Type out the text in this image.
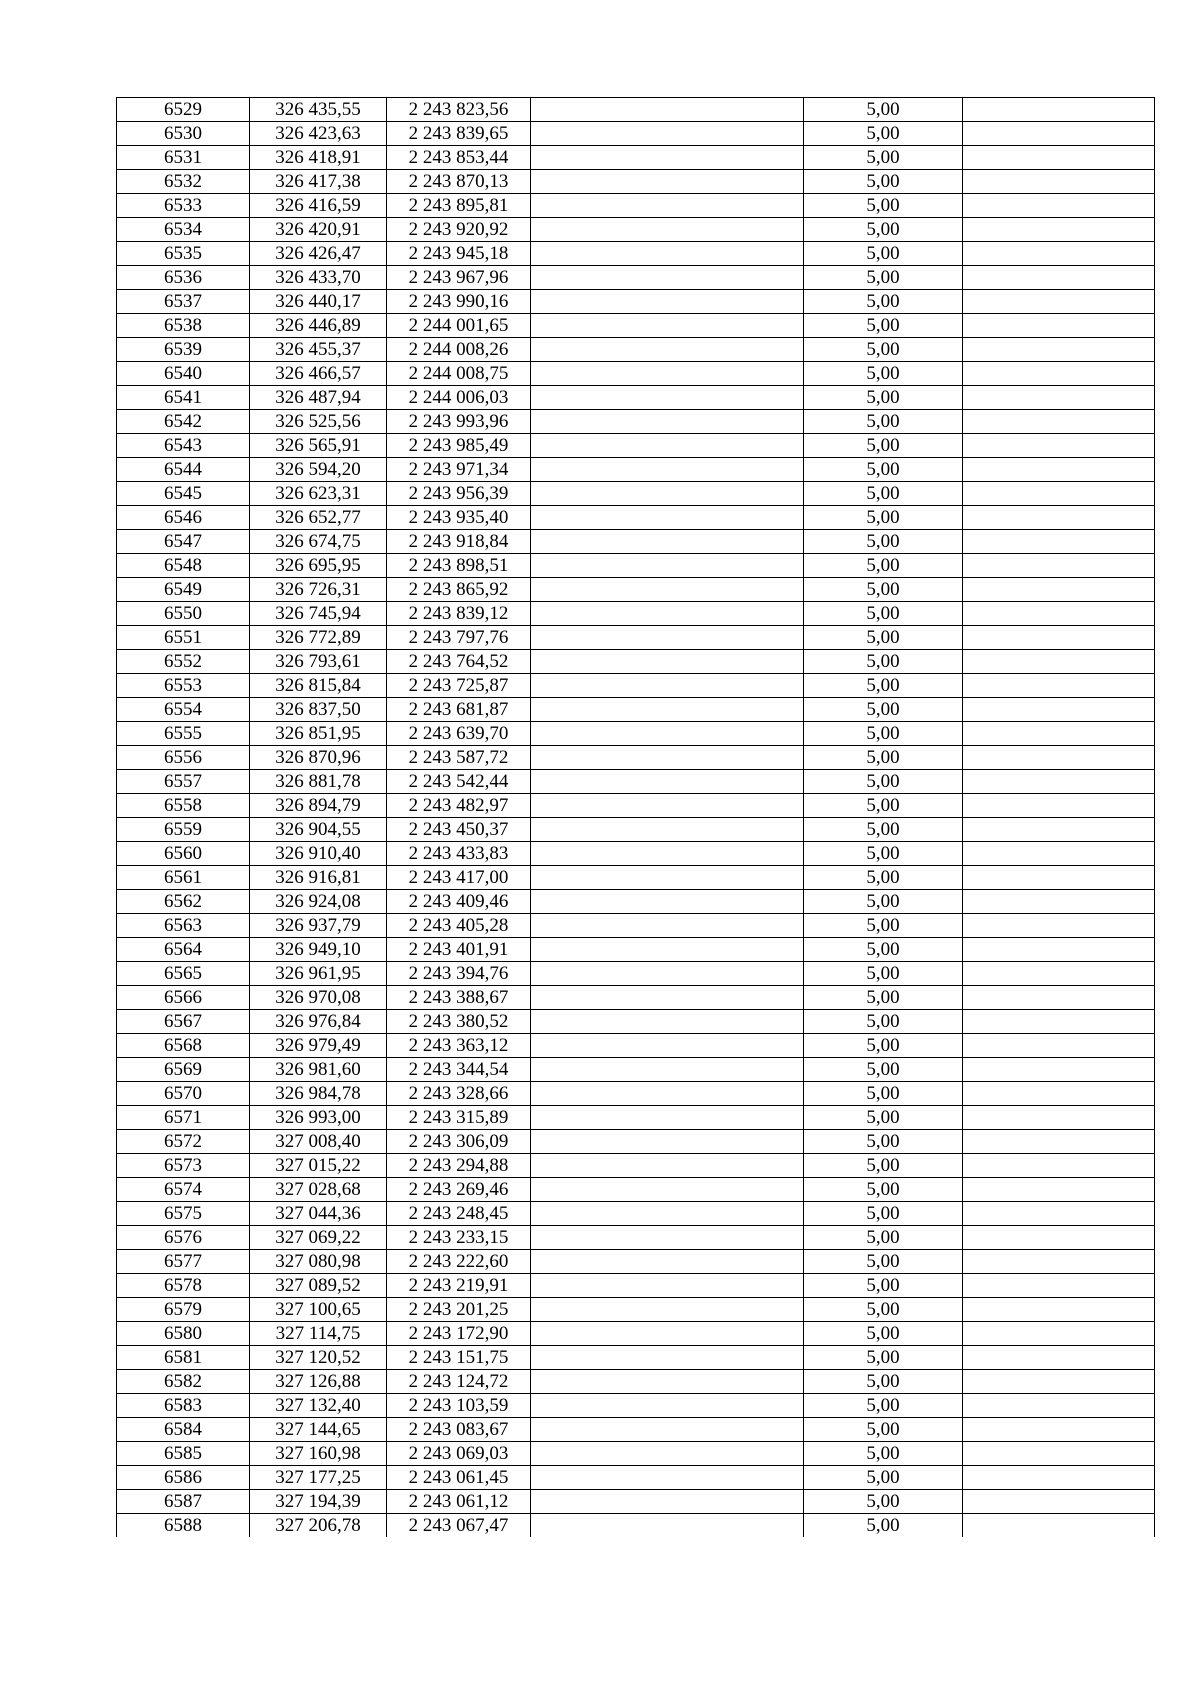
6529	326 435,55	2 243 823,56		5,00	
6530	326 423,63	2 243 839,65		5,00	
6531	326 418,91	2 243 853,44		5,00	
6532	326 417,38	2 243 870,13		5,00	
6533	326 416,59	2 243 895,81		5,00	
6534	326 420,91	2 243 920,92		5,00	
6535	326 426,47	2 243 945,18		5,00	
6536	326 433,70	2 243 967,96		5,00	
6537	326 440,17	2 243 990,16		5,00	
6538	326 446,89	2 244 001,65		5,00	
6539	326 455,37	2 244 008,26		5,00	
6540	326 466,57	2 244 008,75		5,00	
6541	326 487,94	2 244 006,03		5,00	
6542	326 525,56	2 243 993,96		5,00	
6543	326 565,91	2 243 985,49		5,00	
6544	326 594,20	2 243 971,34		5,00	
6545	326 623,31	2 243 956,39		5,00	
6546	326 652,77	2 243 935,40		5,00	
6547	326 674,75	2 243 918,84		5,00	
6548	326 695,95	2 243 898,51		5,00	
6549	326 726,31	2 243 865,92		5,00	
6550	326 745,94	2 243 839,12		5,00	
6551	326 772,89	2 243 797,76		5,00	
6552	326 793,61	2 243 764,52		5,00	
6553	326 815,84	2 243 725,87		5,00	
6554	326 837,50	2 243 681,87		5,00	
6555	326 851,95	2 243 639,70		5,00	
6556	326 870,96	2 243 587,72		5,00	
6557	326 881,78	2 243 542,44		5,00	
6558	326 894,79	2 243 482,97		5,00	
6559	326 904,55	2 243 450,37		5,00	
6560	326 910,40	2 243 433,83		5,00	
6561	326 916,81	2 243 417,00		5,00	
6562	326 924,08	2 243 409,46		5,00	
6563	326 937,79	2 243 405,28		5,00	
6564	326 949,10	2 243 401,91		5,00	
6565	326 961,95	2 243 394,76		5,00	
6566	326 970,08	2 243 388,67		5,00	
6567	326 976,84	2 243 380,52		5,00	
6568	326 979,49	2 243 363,12		5,00	
6569	326 981,60	2 243 344,54		5,00	
6570	326 984,78	2 243 328,66		5,00	
6571	326 993,00	2 243 315,89		5,00	
6572	327 008,40	2 243 306,09		5,00	
6573	327 015,22	2 243 294,88		5,00	
6574	327 028,68	2 243 269,46		5,00	
6575	327 044,36	2 243 248,45		5,00	
6576	327 069,22	2 243 233,15		5,00	
6577	327 080,98	2 243 222,60		5,00	
6578	327 089,52	2 243 219,91		5,00	
6579	327 100,65	2 243 201,25		5,00	
6580	327 114,75	2 243 172,90		5,00	
6581	327 120,52	2 243 151,75		5,00	
6582	327 126,88	2 243 124,72		5,00	
6583	327 132,40	2 243 103,59		5,00	
6584	327 144,65	2 243 083,67		5,00	
6585	327 160,98	2 243 069,03		5,00	
6586	327 177,25	2 243 061,45		5,00	
6587	327 194,39	2 243 061,12		5,00	
6588	327 206,78	2 243 067,47		5,00	
